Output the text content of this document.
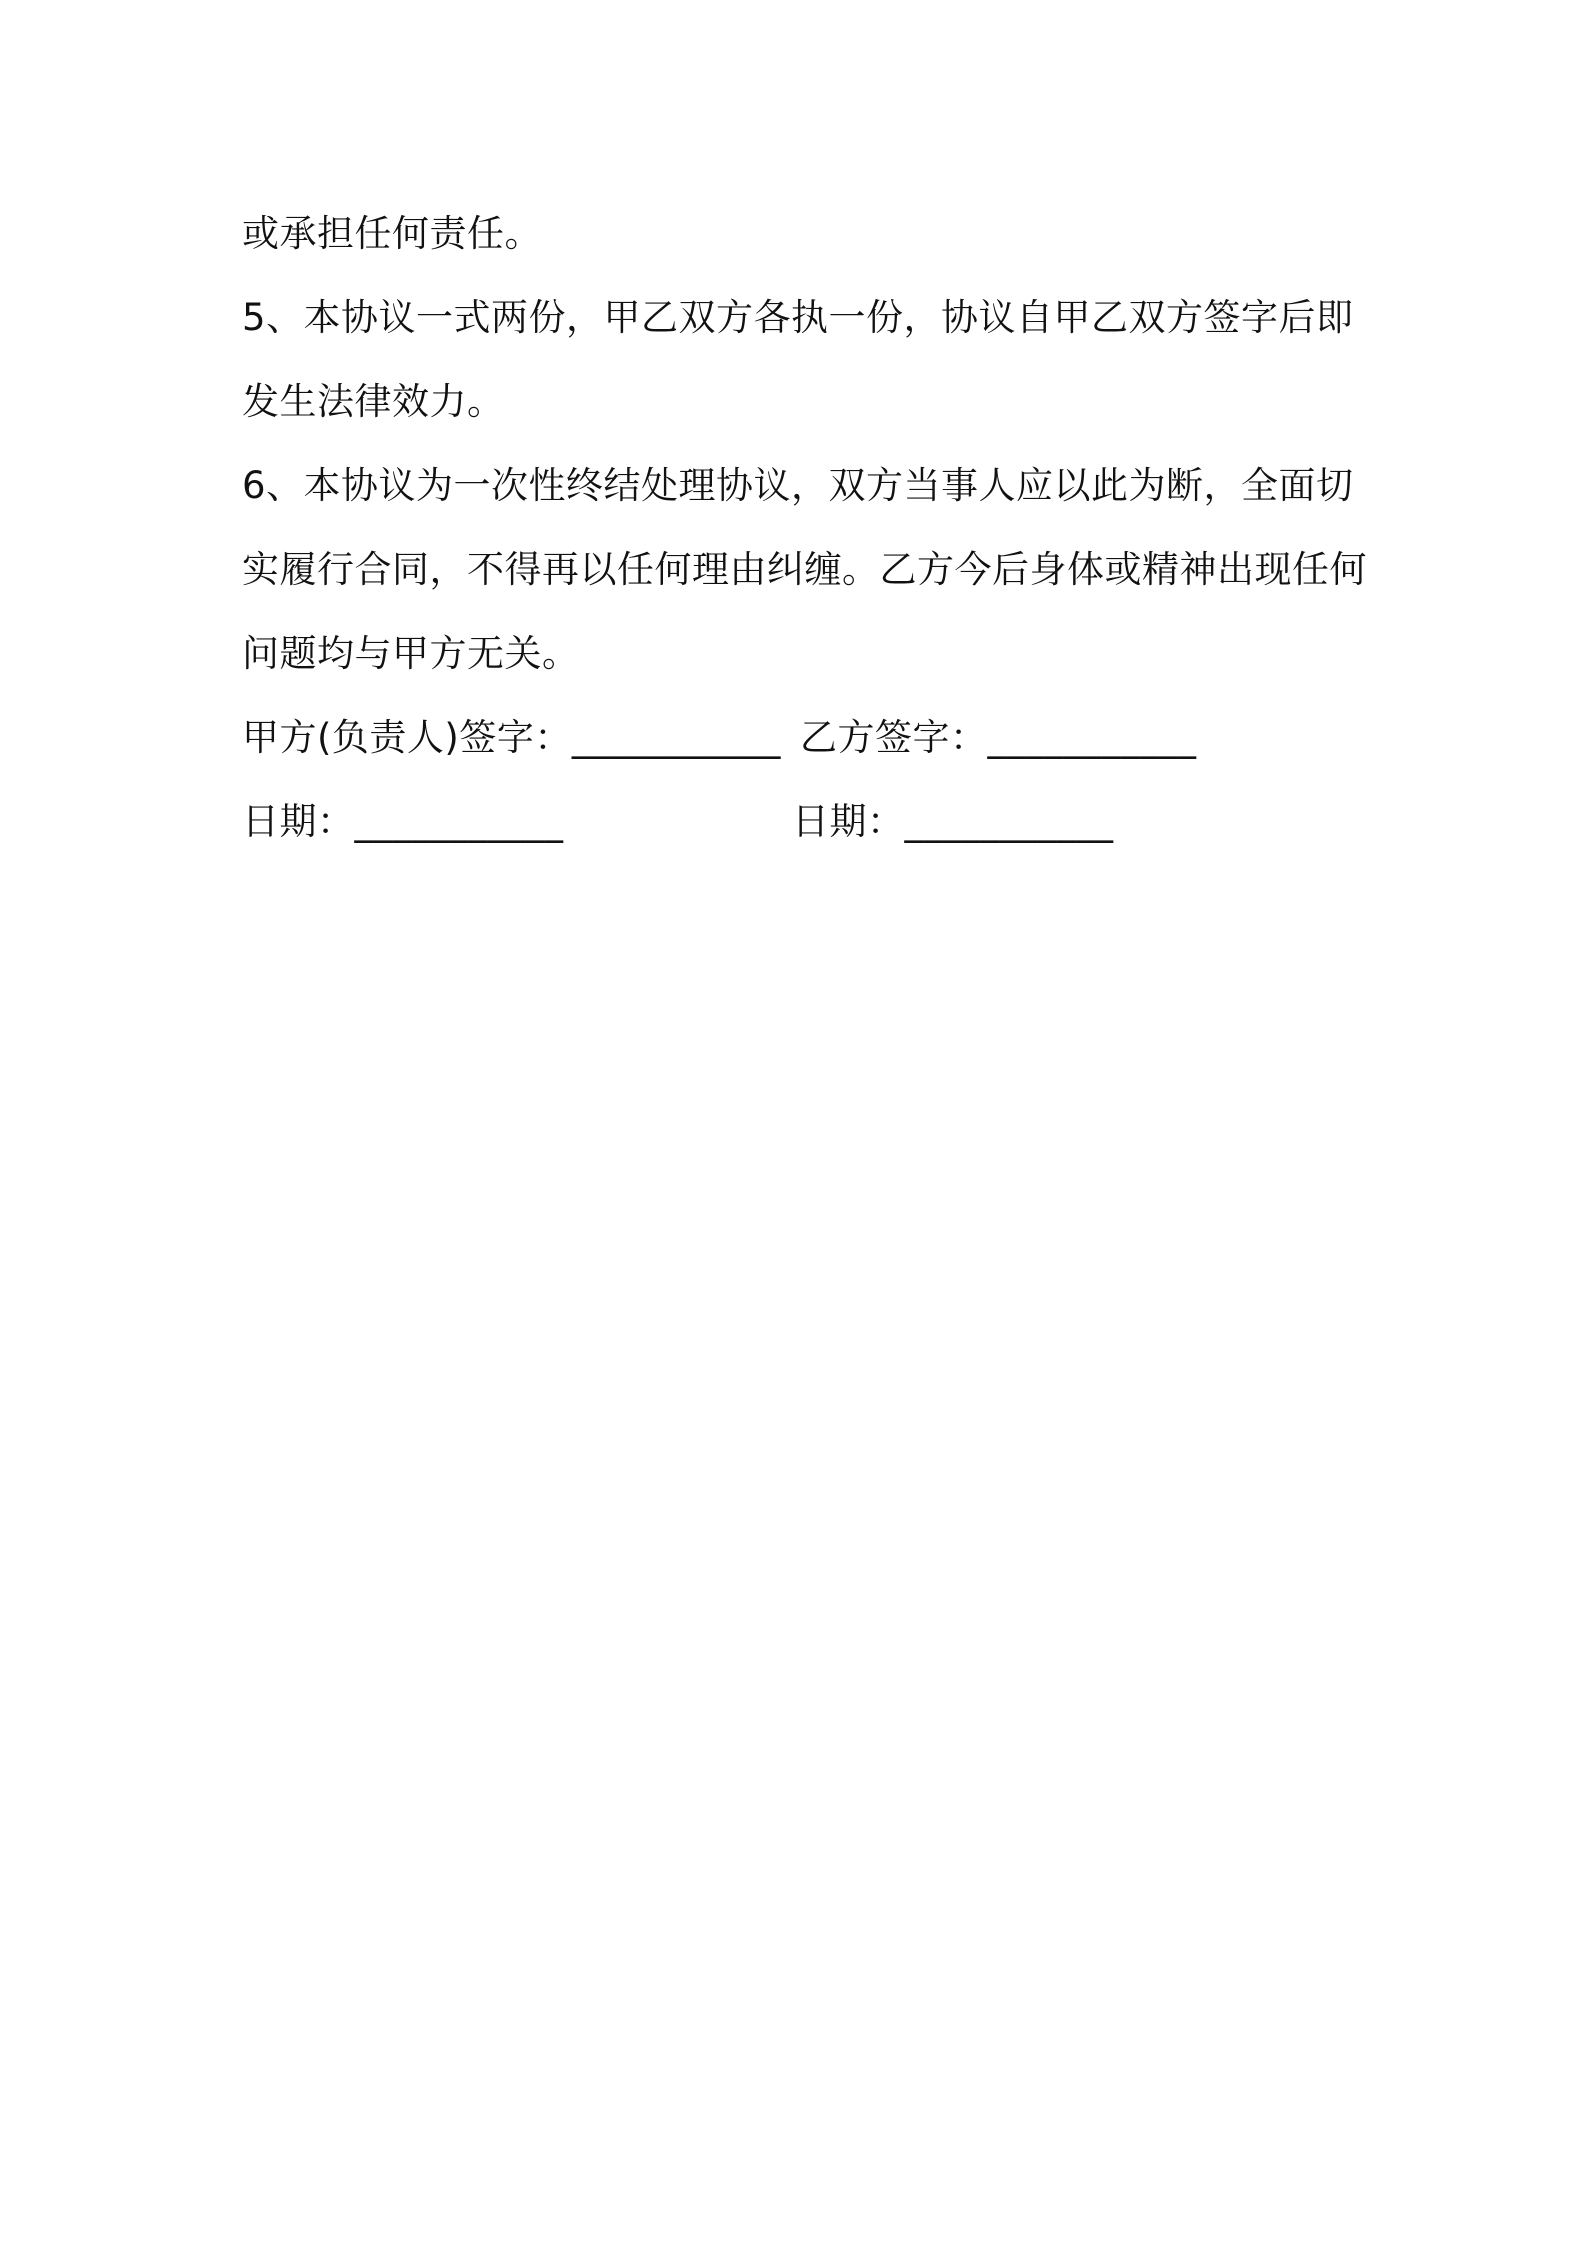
或承担任何责任。
5、本协议一式两份，甲乙双方各执一份，协议自甲乙双方签字后即
发生法律效力。
6、本协议为一次性终结处理协议，双方当事人应以此为断，全面切
实履行合同，不得再以任何理由纠缠。乙方今后身体或精神出现任何
问题均与甲方无关。
甲方(负责人)签字：___________ 乙方签字：___________
日期：___________	日期：___________
